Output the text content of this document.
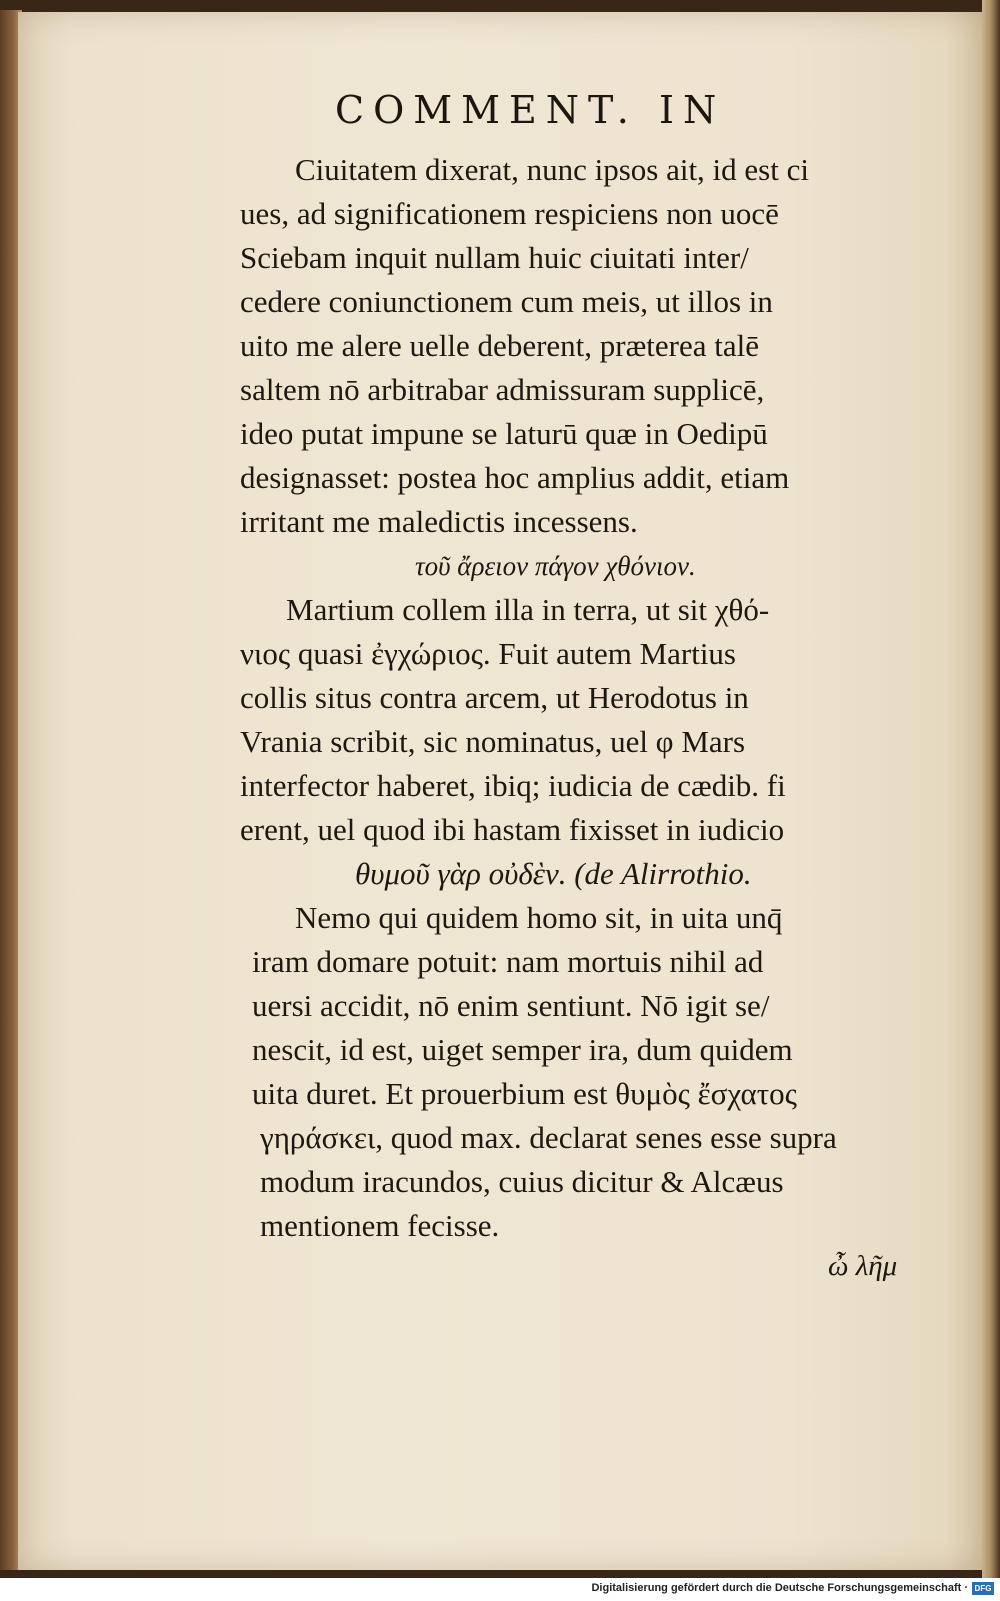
COMMENT. IN
Ciuitatem dixerat, nunc ipsos ait, id est ci
ues, ad significationem respiciens non uocē
Sciebam inquit nullam huic ciuitati inter/
cedere coniunctionem cum meis, ut illos in
uito me alere uelle deberent, præterea talē
saltem nō arbitrabar admissuram supplicē,
ideo putat impune se laturū quæ in Oedipū
designasset: postea hoc amplius addit, etiam
irritant me maledictis incessens.
τοῦ ἄρειον πάγον χθόνιον.
Martium collem illa in terra, ut sit χθό-
νιος quasi ἐγχώριος. Fuit autem Martius
collis situs contra arcem, ut Herodotus in
Vrania scribit, sic nominatus, uel φ Mars
interfector haberet, ibiq; iudicia de cædib. fi
erent, uel quod ibi hastam fixisset in iudicio
θυμοῦ γὰρ οὐδὲν. (de Alirrothio.
Nemo qui quidem homo sit, in uita unq̄
iram domare potuit: nam mortuis nihil ad
uersi accidit, nō enim sentiunt. Nō igit se/
nescit, id est, uiget semper ira, dum quidem
uita duret. Et prouerbium est θυμὸς ἔσχατος
γηράσκει, quod max. declarat senes esse supra
modum iracundos, cuius dicitur & Alcæus
mentionem fecisse.
ὦ λῆμ
Digitalisierung gefördert durch die Deutsche Forschungsgemeinschaft · DFG
